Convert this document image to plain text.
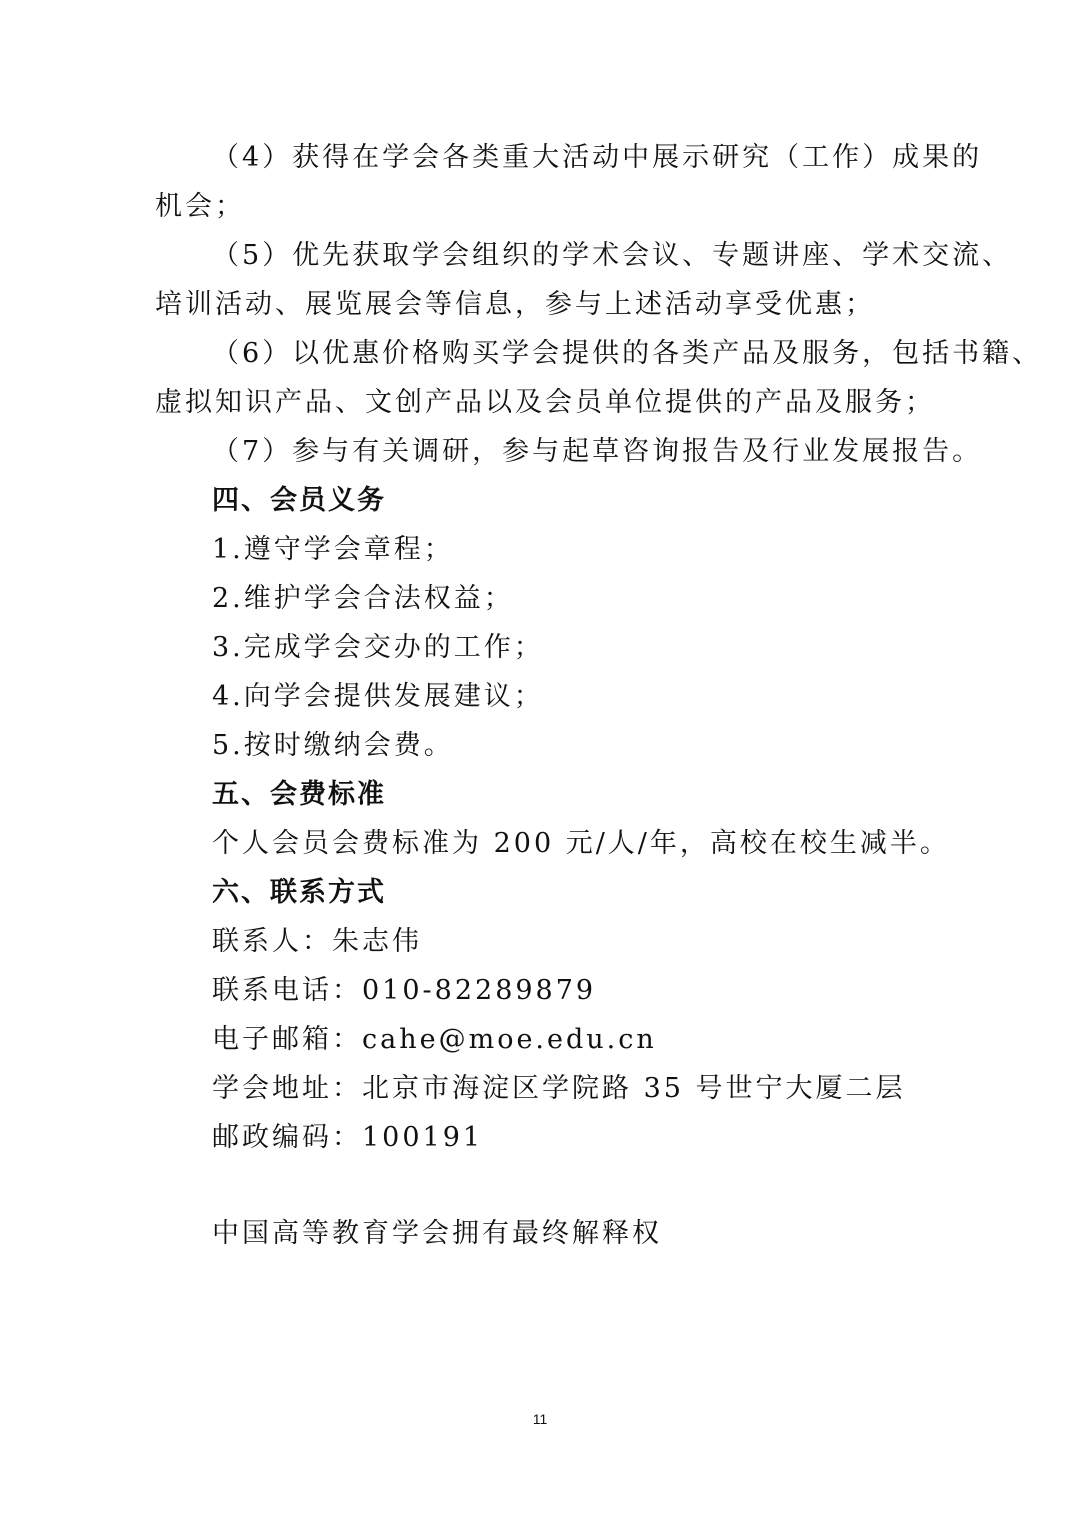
（4）获得在学会各类重大活动中展示研究（工作）成果的
机会；
（5）优先获取学会组织的学术会议、专题讲座、学术交流、
培训活动、展览展会等信息，参与上述活动享受优惠；
（6）以优惠价格购买学会提供的各类产品及服务，包括书籍、
虚拟知识产品、文创产品以及会员单位提供的产品及服务；
（7）参与有关调研，参与起草咨询报告及行业发展报告。
四、会员义务
1.遵守学会章程；
2.维护学会合法权益；
3.完成学会交办的工作；
4.向学会提供发展建议；
5.按时缴纳会费。
五、会费标准
个人会员会费标准为 200 元/人/年，高校在校生减半。
六、联系方式
联系人：朱志伟
联系电话：010-82289879
电子邮箱：cahe@moe.edu.cn
学会地址：北京市海淀区学院路 35 号世宁大厦二层
邮政编码：100191
中国高等教育学会拥有最终解释权
11
